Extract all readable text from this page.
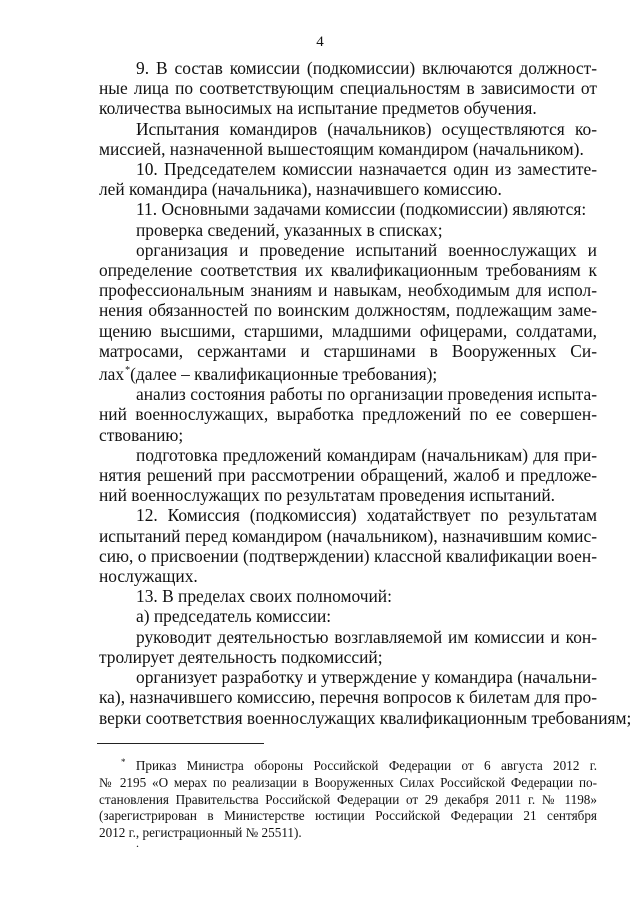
4
9. В состав комиссии (подкомиссии) включаются должност-
ные лица по соответствующим специальностям в зависимости от
количества выносимых на испытание предметов обучения.
Испытания командиров (начальников) осуществляются ко-
миссией, назначенной вышестоящим командиром (начальником).
10. Председателем комиссии назначается один из заместите-
лей командира (начальника), назначившего комиссию.
11. Основными задачами комиссии (подкомиссии) являются:
проверка сведений, указанных в списках;
организация и проведение испытаний военнослужащих и
определение соответствия их квалификационным требованиям к
профессиональным знаниям и навыкам, необходимым для испол-
нения обязанностей по воинским должностям, подлежащим заме-
щению высшими, старшими, младшими офицерами, солдатами,
матросами, сержантами и старшинами в Вооруженных Си-
лах*(далее – квалификационные требования);
анализ состояния работы по организации проведения испыта-
ний военнослужащих, выработка предложений по ее совершен-
ствованию;
подготовка предложений командирам (начальникам) для при-
нятия решений при рассмотрении обращений, жалоб и предложе-
ний военнослужащих по результатам проведения испытаний.
12. Комиссия (подкомиссия) ходатайствует по результатам
испытаний перед командиром (начальником), назначившим комис-
сию, о присвоении (подтверждении) классной квалификации воен-
нослужащих.
13. В пределах своих полномочий:
а) председатель комиссии:
руководит деятельностью возглавляемой им комиссии и кон-
тролирует деятельность подкомиссий;
организует разработку и утверждение у командира (начальни-
ка), назначившего комиссию, перечня вопросов к билетам для про-
верки соответствия военнослужащих квалификационным требованиям;
* Приказ Министра обороны Российской Федерации от 6 августа 2012 г.
№ 2195 «О мерах по реализации в Вооруженных Силах Российской Федерации по-
становления Правительства Российской Федерации от 29 декабря 2011 г. № 1198»
(зарегистрирован в Министерстве юстиции Российской Федерации 21 сентября
2012 г., регистрационный № 25511).
.
